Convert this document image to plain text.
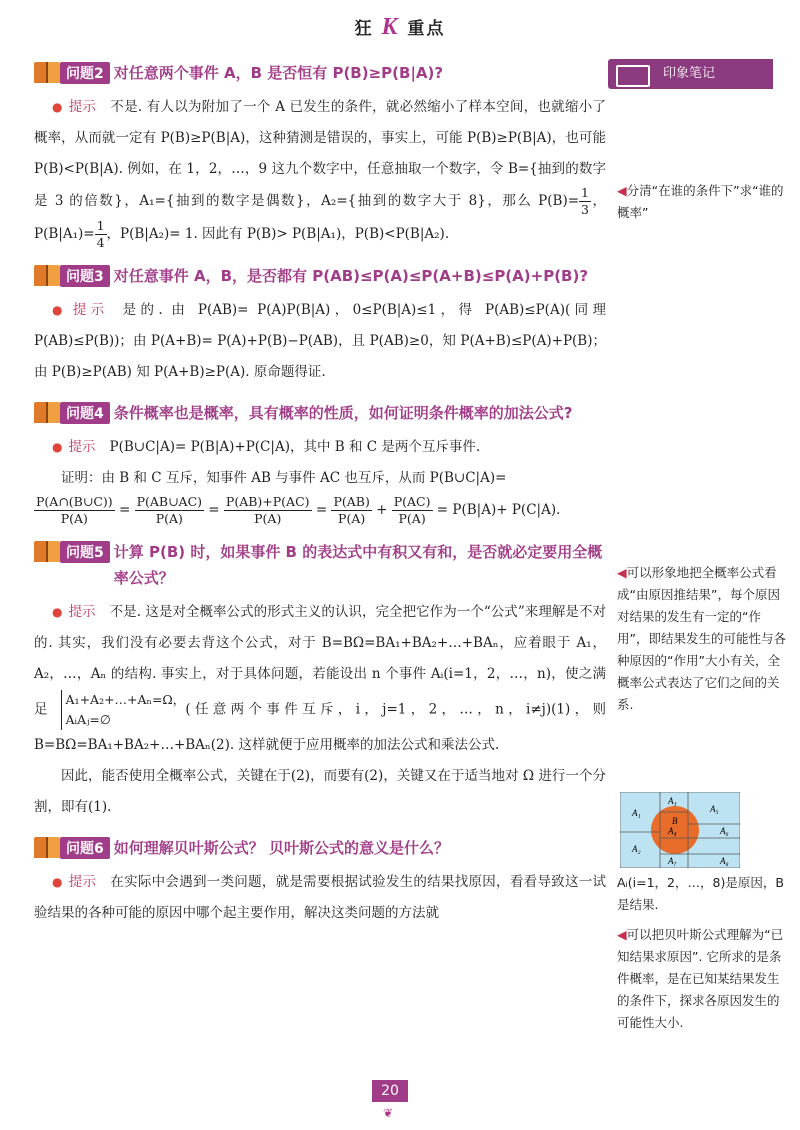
狂 K 重点
印象笔记
问题2 对任意两个事件 A，B 是否恒有 P(B)≥P(B|A)?

● 提示 不是. 有人以为附加了一个 A 已发生的条件，就必然缩小了样本空间，也就缩小了概率，从而就一定有 P(B)≥P(B|A)，这种猜测是错误的，事实上，可能 P(B)≥P(B|A)，也可能 P(B)<P(B|A). 例如，在 1，2，…，9 这九个数字中，任意抽取一个数字，令 B={抽到的数字是 3 的倍数}，A₁={抽到的数字是偶数}，A₂={抽到的数字大于 8}，那么 $P(B)= \frac{1}{3}$ ，$P(B|A_1)= \frac{1}{4}$ ，P(B|A₂)= 1. 因此有 P(B)> P(B|A₁)，P(B)<P(B|A₂).

问题3 对任意事件 A，B，是否都有 P(AB)≤P(A)≤P(A+B)≤P(A)+P(B)?

● 提示 是的. 由 P(AB)= P(A)P(B|A)，0≤P(B|A)≤1，得 P(AB)≤P(A)(同理 P(AB)≤P(B))；由 P(A+B)= P(A)+P(B)−P(AB)，且 P(AB)≥0，知 P(A+B)≤P(A)+P(B)；由 P(B)≥P(AB) 知 P(A+B)≥P(A). 原命题得证.

问题4 条件概率也是概率，具有概率的性质，如何证明条件概率的加法公式?

● 提示 P(B∪C|A)= P(B|A)+P(C|A)，其中 B 和 C 是两个互斥事件.

证明：由 B 和 C 互斥，知事件 AB 与事件 AC 也互斥，从而 P(B∪C|A)=

$\frac{P(A\cap(B\cup C))}{P(A)} = \frac{P(AB\cup AC)}{P(A)} = \frac{P(AB)+P(AC)}{P(A)} = \frac{P(AB)}{P(A)} + \frac{P(AC)}{P(A)} = P(B|A)+ P(C|A)$.

问题5 计算 P(B) 时，如果事件 B 的表达式中有积又有和，是否就必定要用全概率公式？

● 提示 不是. 这是对全概率公式的形式主义的认识，完全把它作为一个“公式”来理解是不对的. 其实，我们没有必要去背这个公式，对于 B=BΩ=BA₁+BA₂+…+BAₙ，应着眼于 A₁，A₂，…，Aₙ 的结构. 事实上，对于具体问题，若能设出 n 个事件 Aᵢ(i=1，2，…，n)，使之满足
A₁+A₂+…+Aₙ=Ω，
AᵢAⱼ=∅
(任意两个事件互斥，i，j=1，2，…，n，i≠j)(1)，则 B=BΩ=BA₁+BA₂+…+BAₙ(2). 这样就便于应用概率的加法公式和乘法公式.

因此，能否使用全概率公式，关键在于(2)，而要有(2)，关键又在于适当地对 Ω 进行一个分割，即有(1).

问题6 如何理解贝叶斯公式？ 贝叶斯公式的意义是什么？

● 提示 在实际中会遇到一类问题，就是需要根据试验发生的结果找原因，看看导致这一试验结果的各种可能的原因中哪个起主要作用，解决这类问题的方法就

◀分清“在谁的条件下”求“谁的概率”
◀可以形象地把全概率公式看成“由原因推结果”，每个原因对结果的发生有一定的“作用”，即结果发生的可能性与各种原因的“作用”大小有关，全概率公式表达了它们之间的关系.
A₁
A₂
A₃
A₄
A₅
A₆
A₇	A₈
B
Aᵢ(i=1，2，…，8)是原因，B 是结果.
◀可以把贝叶斯公式理解为“已知结果求原因”. 它所求的是条件概率，是在已知某结果发生的条件下，探求各原因发生的可能性大小.
20
❦
